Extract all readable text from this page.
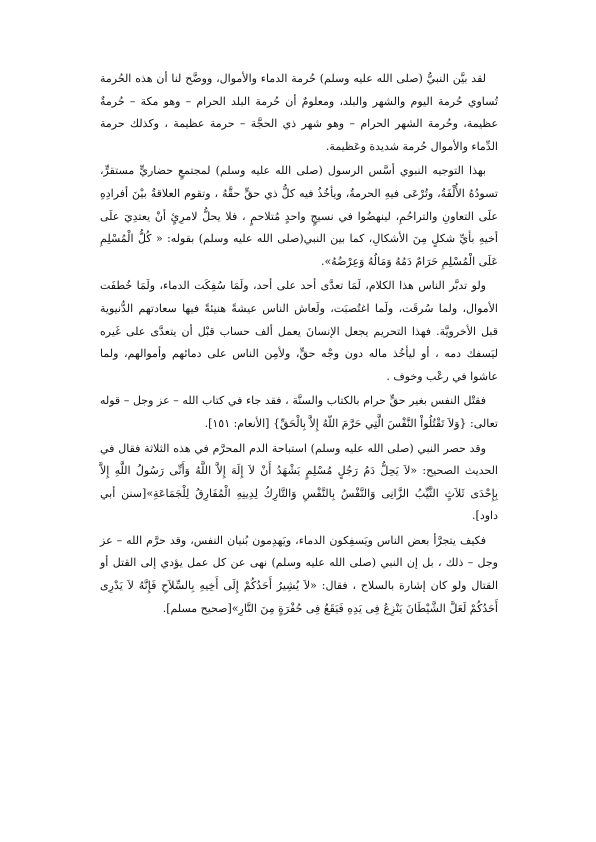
لقد بيَّن النبيُّ (صلى الله عليه وسلم) حُرمة الدماء والأموال، ووضَّح لنا أن هذه الحُرمة تُساوي حُرمة اليوم والشهر والبلد، ومعلومٌ أن حُرمة البلد الحرام – وهو مكة – حُرمةٌ عظيمة، وحُرمة الشهر الحرام – وهو شهر ذي الحجَّة – حرمة عظيمة ، وكذلك حرمة الدِّماء والأموال حُرمة شديدة وعَظيمة.

بهذا التوجيه النبوي أسَّس الرسول (صلى الله عليه وسلم) لمجتمعٍ حضاريٍّ مستقرٍّ، تسودُهُ الأُلْفَةُ، وتُرْعَى فيهِ الحرمةُ، ويأخُذُ فيه كلُّ ذي حقٍّ حقَّهُ ، وتقوم العلاقةُ بيْنَ أفرادِهِ علَى التعاونِ والتراحُمِ، لينهضُوا في نسيجٍ واحدٍ مُتلاحمٍ ، فلا يحلُّ لامرِئٍ أنْ يعتدِيَ علَى أخيهِ بأيِّ شكلٍ مِنَ الأشكالِ، كما بين النبي(صلى الله عليه وسلم) بقوله: « كُلُّ الْمُسْلِمِ عَلَى الْمُسْلِمِ حَرَامٌ دَمُهُ وَمَالُهُ وَعِرْضُهُ».

ولو تدبَّر الناس هذا الكلام، لَمَا تعدَّى أحد على أحد، ولَمَا سُفِكَت الدماء، ولَمَا خُطفَت الأموال، ولما سُرقَت، ولَما اغتُصبَت، ولَعاش الناس عيشةً هنيئةً فيها سعادتهم الدُّنيوية قبل الأخرويَّة. فهذا التحريم يجعل الإنسانَ يعمل ألف حساب قبْل أن يتعدَّى على غَيره ليَسفك دمه ، أو ليأخُذ ماله دون وجْه حقٍّ، ولأمِن الناس على دمائهم وأموالهم، ولما عاشوا في رعْب وخوف .

فقتْل النفس بغير حقٍّ حرام بالكتاب والسنَّة ، فقد جاء في كتاب الله – عز وجل – قوله تعالى: {وَلاَ تَقْتُلُواْ النَّفْسَ الَّتِي حَرَّمَ اللّهُ إِلاَّ بِالْحَقِّ} [الأنعام: ١٥١].

وقد حصر النبي (صلى الله عليه وسلم) استباحة الدم المحرَّم في هذه الثلاثة فقال في الحديث الصحيح: «لاَ يَحِلُّ دَمُ رَجُلٍ مُسْلِمٍ يَشْهَدُ أَنْ لاَ إِلَهَ إِلاَّ اللَّهُ وَأَنِّى رَسُولُ اللَّهِ إِلاَّ بِإِحْدَى ثَلاَثٍ الثَّيِّبُ الزَّانِى وَالنَّفْسُ بِالنَّفْسِ وَالتَّارِكُ لِدِينِهِ الْمُفَارِقُ لِلْجَمَاعَةِ»[سنن أبي داود].

فكيف يتجرَّأ بعض الناس ويَسفِكون الدماء، ويَهدِمون بُنيان النفس، وقد حرَّم الله – عز وجل – ذلك ، بل إن النبي (صلى الله عليه وسلم) نهى عن كل عمل يؤدي إلى القتل أو القتال ولو كان إشارة بالسلاح ، فقال: «لاَ يُشِيرُ أَحَدُكُمْ إِلَى أَخِيهِ بِالسِّلاَحِ فَإِنَّهُ لاَ يَدْرِى أَحَدُكُمْ لَعَلَّ الشَّيْطَانَ يَنْزِعُ فِى يَدِهِ فَيَقَعُ فِى حُفْرَةٍ مِنَ النَّارِ»[صحيح مسلم].
